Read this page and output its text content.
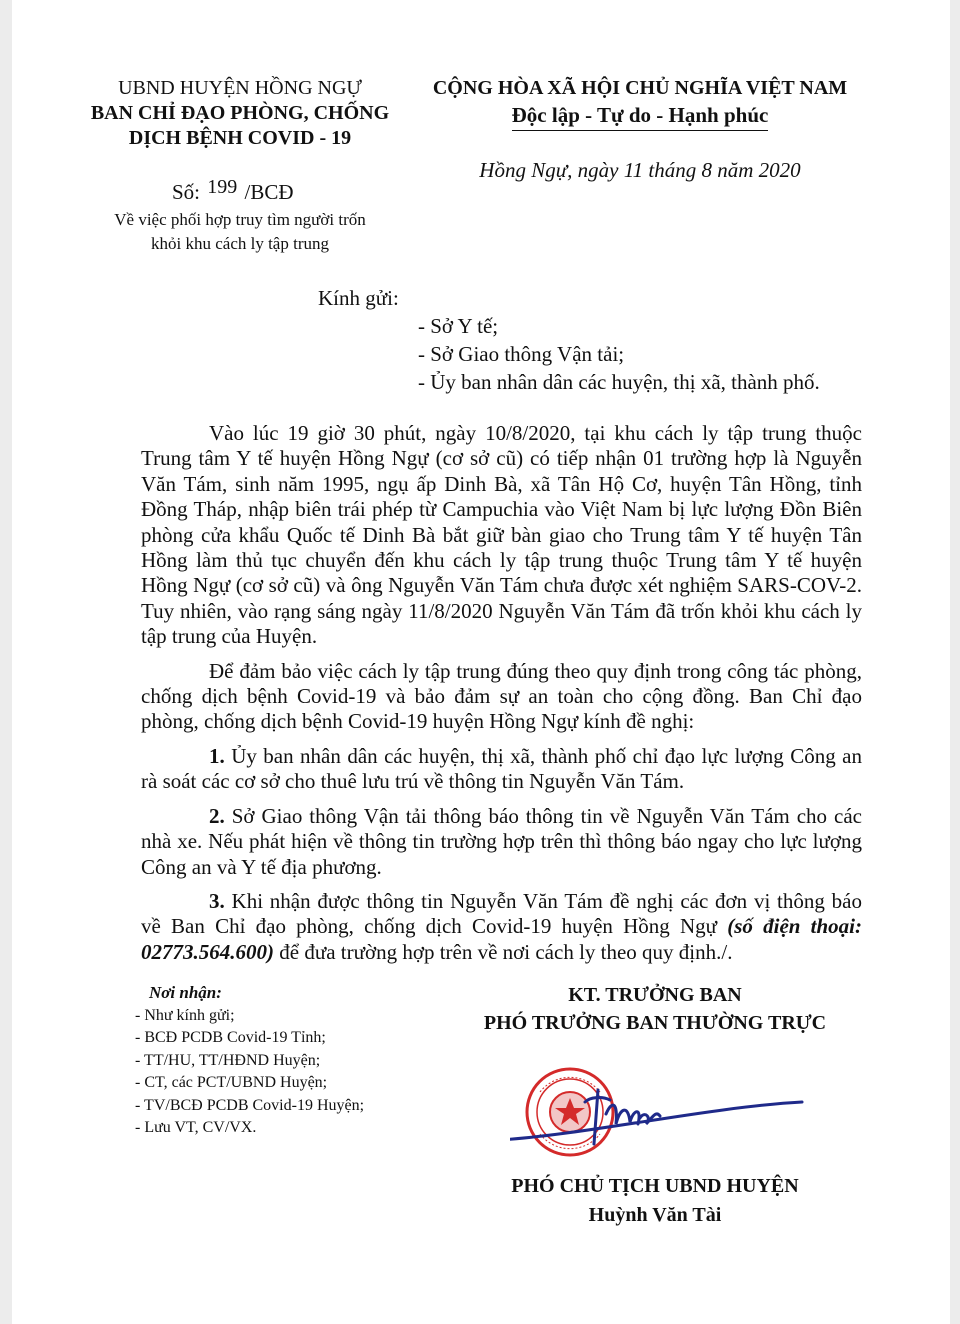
UBND HUYỆN HỒNG NGỰ
BAN CHỈ ĐẠO PHÒNG, CHỐNG
DỊCH BỆNH COVID - 19
Số: 199 /BCĐ
Về việc phối hợp truy tìm người trốn
khỏi khu cách ly tập trung
CỘNG HÒA XÃ HỘI CHỦ NGHĨA VIỆT NAM
Độc lập - Tự do - Hạnh phúc
Hồng Ngự, ngày 11 tháng 8 năm 2020
Kính gửi:
- Sở Y tế;
- Sở Giao thông Vận tải;
- Ủy ban nhân dân các huyện, thị xã, thành phố.

Vào lúc 19 giờ 30 phút, ngày 10/8/2020, tại khu cách ly tập trung thuộc Trung tâm Y tế huyện Hồng Ngự (cơ sở cũ) có tiếp nhận 01 trường hợp là Nguyễn Văn Tám, sinh năm 1995, ngụ ấp Dinh Bà, xã Tân Hộ Cơ, huyện Tân Hồng, tỉnh Đồng Tháp, nhập biên trái phép từ Campuchia vào Việt Nam bị lực lượng Đồn Biên phòng cửa khẩu Quốc tế Dinh Bà bắt giữ bàn giao cho Trung tâm Y tế huyện Tân Hồng làm thủ tục chuyển đến khu cách ly tập trung thuộc Trung tâm Y tế huyện Hồng Ngự (cơ sở cũ) và ông Nguyễn Văn Tám chưa được xét nghiệm SARS-COV-2. Tuy nhiên, vào rạng sáng ngày 11/8/2020 Nguyễn Văn Tám đã trốn khỏi khu cách ly tập trung của Huyện.

Để đảm bảo việc cách ly tập trung đúng theo quy định trong công tác phòng, chống dịch bệnh Covid-19 và bảo đảm sự an toàn cho cộng đồng. Ban Chỉ đạo phòng, chống dịch bệnh Covid-19 huyện Hồng Ngự kính đề nghị:

1. Ủy ban nhân dân các huyện, thị xã, thành phố chỉ đạo lực lượng Công an rà soát các cơ sở cho thuê lưu trú về thông tin Nguyễn Văn Tám.

2. Sở Giao thông Vận tải thông báo thông tin về Nguyễn Văn Tám cho các nhà xe. Nếu phát hiện về thông tin trường hợp trên thì thông báo ngay cho lực lượng Công an và Y tế địa phương.

3. Khi nhận được thông tin Nguyễn Văn Tám đề nghị các đơn vị thông báo về Ban Chỉ đạo phòng, chống dịch Covid-19 huyện Hồng Ngự (số điện thoại: 02773.564.600) để đưa trường hợp trên về nơi cách ly theo quy định./.

Nơi nhận:
- Như kính gửi;
- BCĐ PCDB Covid-19 Tỉnh;
- TT/HU, TT/HĐND Huyện;
- CT, các PCT/UBND Huyện;
- TV/BCĐ PCDB Covid-19 Huyện;
- Lưu VT, CV/VX.
KT. TRƯỞNG BAN
PHÓ TRƯỞNG BAN THƯỜNG TRỰC
PHÓ CHỦ TỊCH UBND HUYỆN
Huỳnh Văn Tài
